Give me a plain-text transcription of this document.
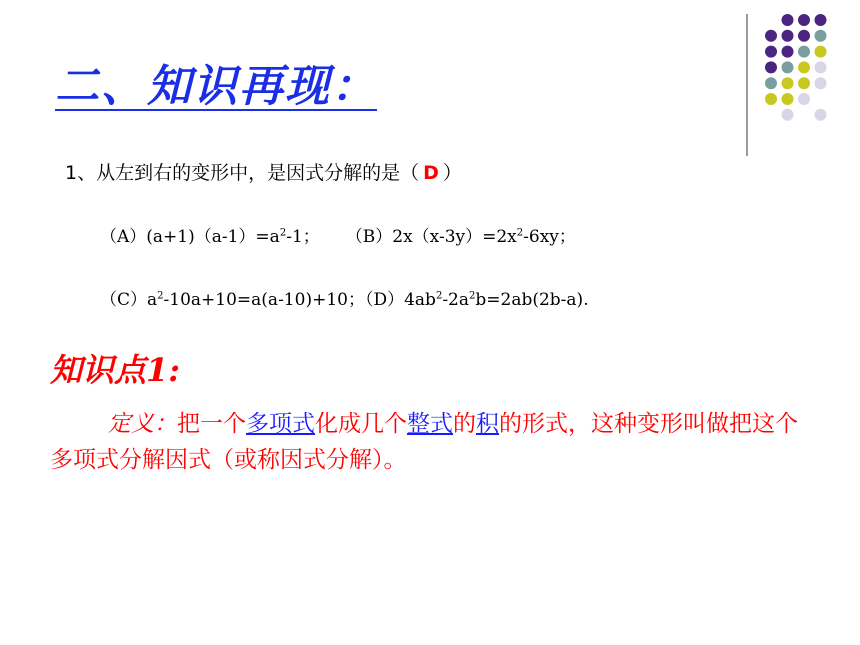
二、知识再现：
1、从左到右的变形中，是因式分解的是（ D ）
$(A)(a+1)(a-1)=a^2-1$； $(B)2x(x-3y)=2x^2-6xy$；
$(C)a^2-10a+10=a(a-10)+10$；$(D)4ab^2-2a^2b=2ab(2b-a)$.
知识点1:
定义：把一个多项式化成几个整式的积的形式，这种变形叫做把这个多项式分解因式（或称因式分解）。
